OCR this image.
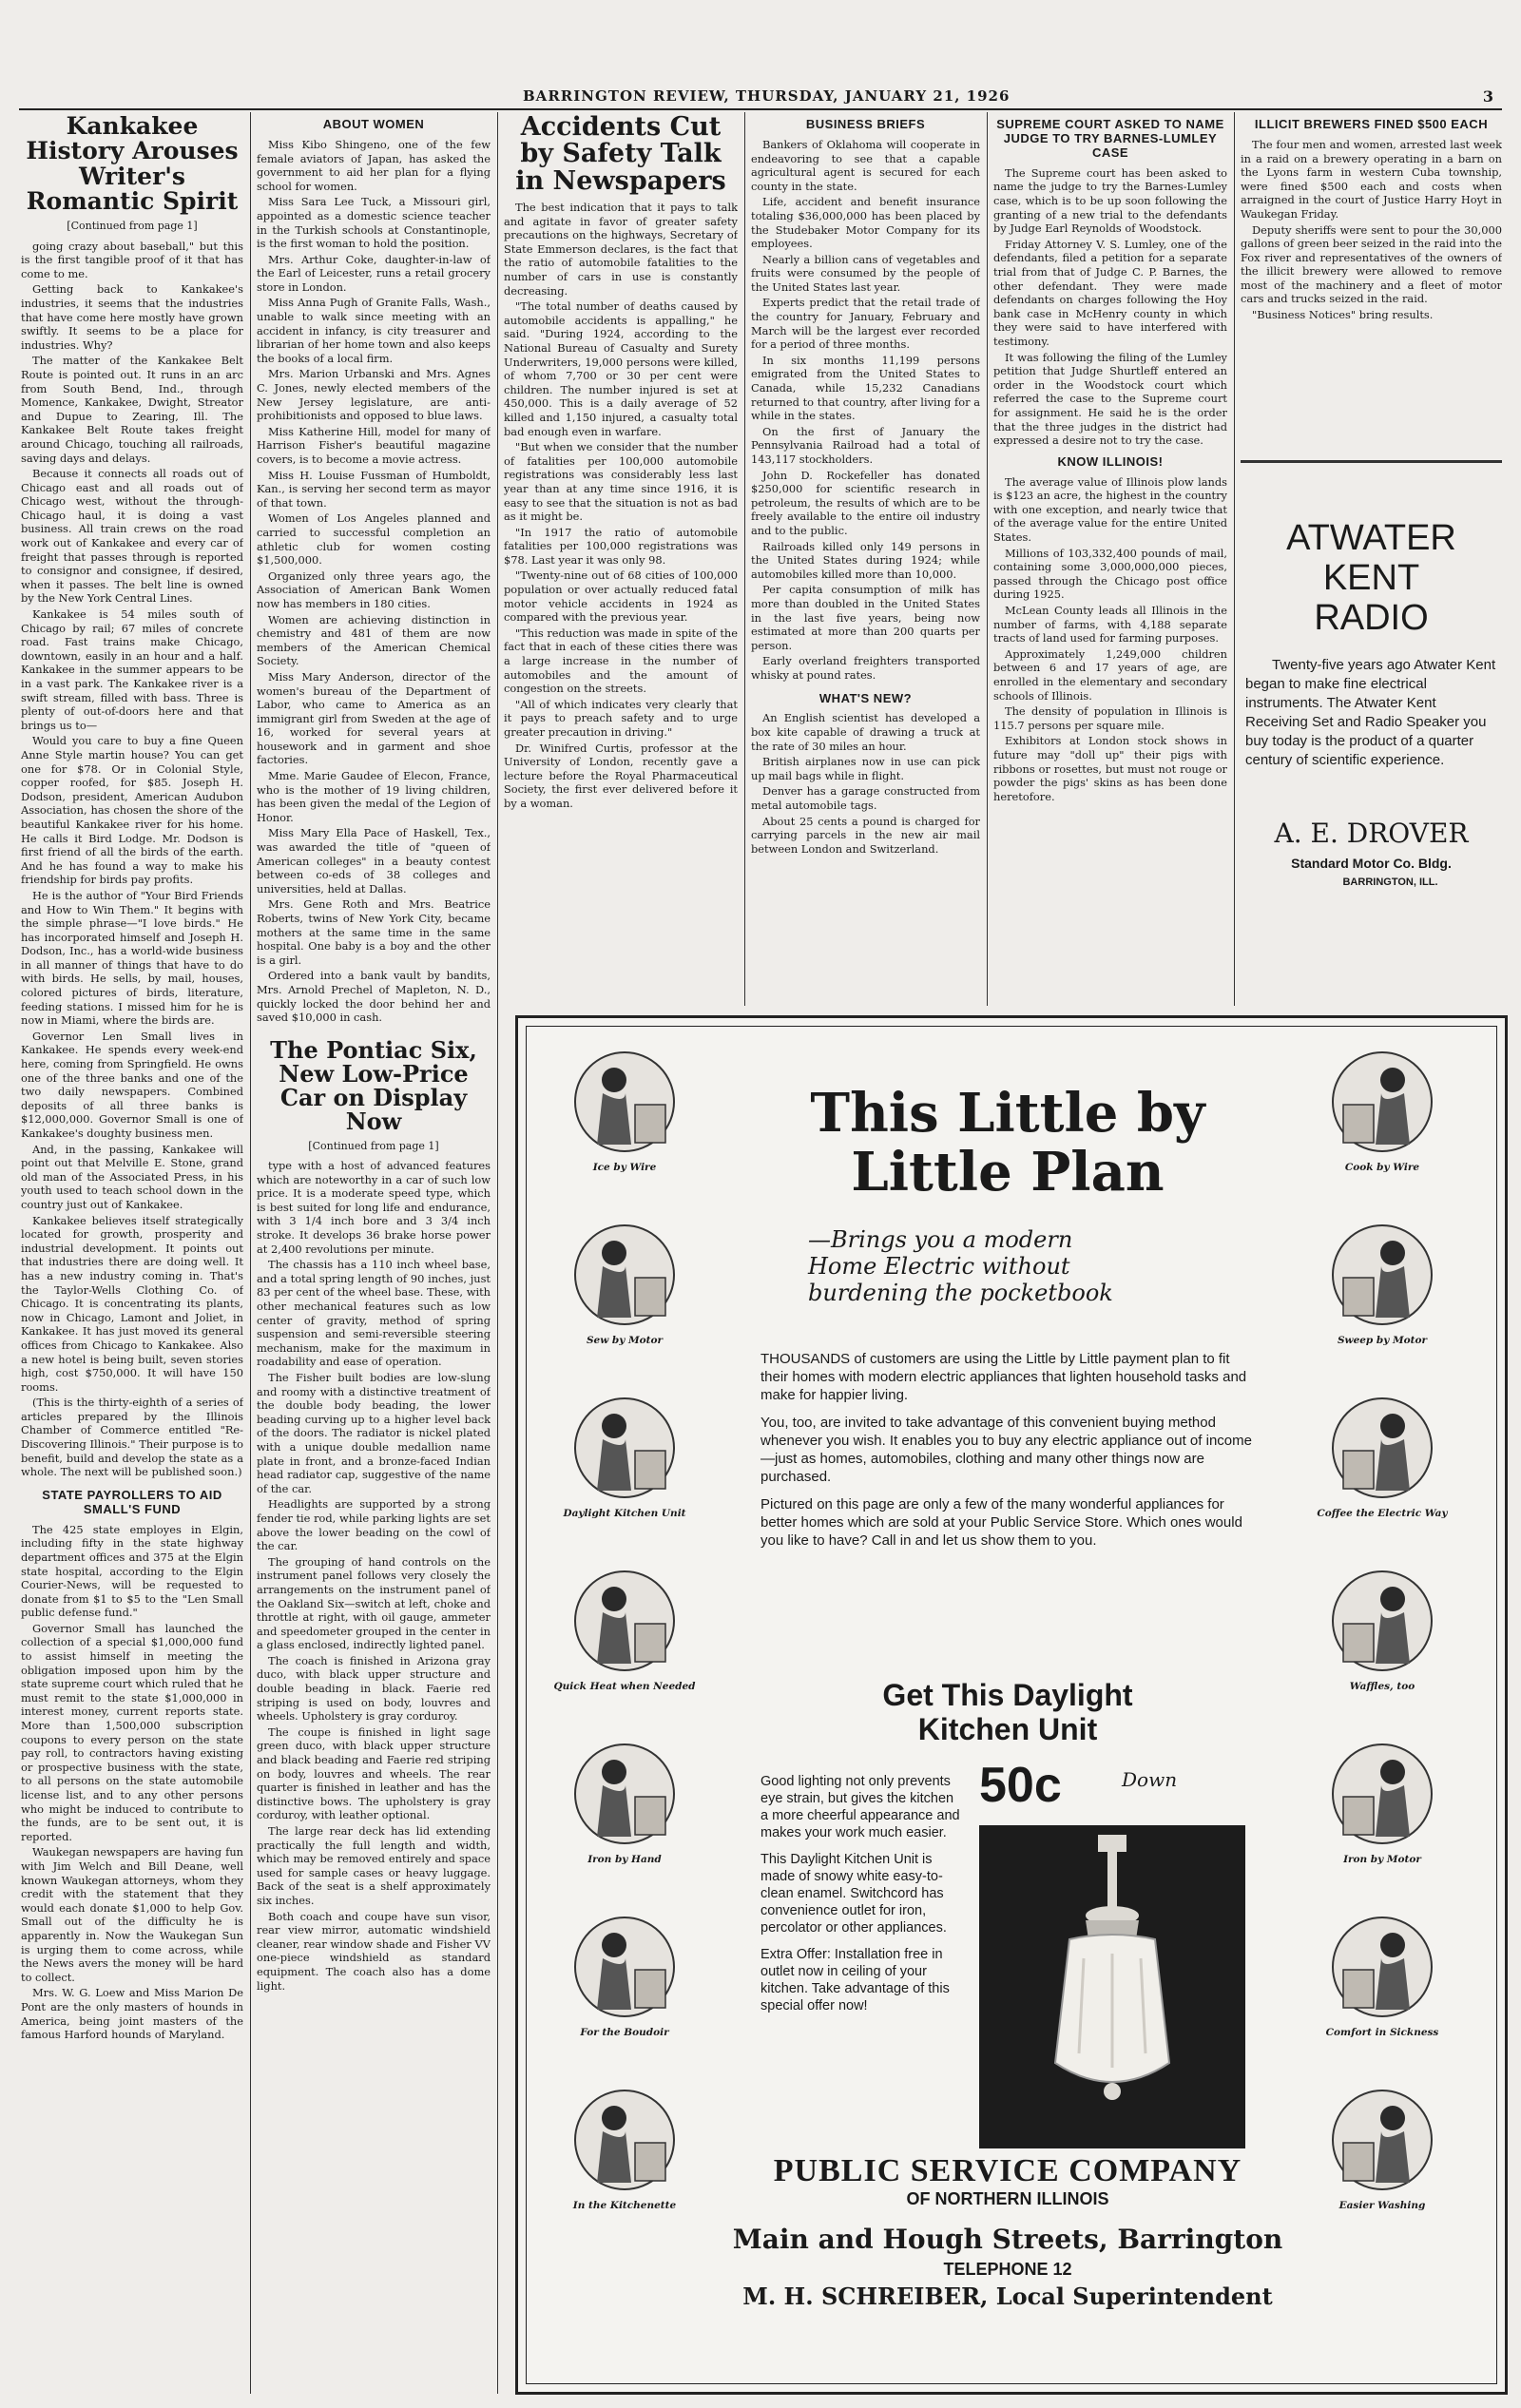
BARRINGTON REVIEW, THURSDAY, JANUARY 21, 1926	3
Kankakee History Arouses Writer's Romantic Spirit
[Continued from page 1]

going crazy about baseball," but this is the first tangible proof of it that has come to me.

Getting back to Kankakee's industries, it seems that the industries that have come here mostly have grown swiftly. It seems to be a place for industries. Why?

The matter of the Kankakee Belt Route is pointed out. It runs in an arc from South Bend, Ind., through Momence, Kankakee, Dwight, Streator and Dupue to Zearing, Ill. The Kankakee Belt Route takes freight around Chicago, touching all railroads, saving days and delays.

Because it connects all roads out of Chicago east and all roads out of Chicago west, without the through-Chicago haul, it is doing a vast business. All train crews on the road work out of Kankakee and every car of freight that passes through is reported to consignor and consignee, if desired, when it passes. The belt line is owned by the New York Central Lines.

Kankakee is 54 miles south of Chicago by rail; 67 miles of concrete road. Fast trains make Chicago, downtown, easily in an hour and a half. Kankakee in the summer appears to be in a vast park. The Kankakee river is a swift stream, filled with bass. Three is plenty of out-of-doors here and that brings us to—

Would you care to buy a fine Queen Anne Style martin house? You can get one for $78. Or in Colonial Style, copper roofed, for $85. Joseph H. Dodson, president, American Audubon Association, has chosen the shore of the beautiful Kankakee river for his home. He calls it Bird Lodge. Mr. Dodson is first friend of all the birds of the earth. And he has found a way to make his friendship for birds pay profits.

He is the author of "Your Bird Friends and How to Win Them." It begins with the simple phrase—"I love birds." He has incorporated himself and Joseph H. Dodson, Inc., has a world-wide business in all manner of things that have to do with birds. He sells, by mail, houses, colored pictures of birds, literature, feeding stations. I missed him for he is now in Miami, where the birds are.

Governor Len Small lives in Kankakee. He spends every week-end here, coming from Springfield. He owns one of the three banks and one of the two daily newspapers. Combined deposits of all three banks is $12,000,000. Governor Small is one of Kankakee's doughty business men.

And, in the passing, Kankakee will point out that Melville E. Stone, grand old man of the Associated Press, in his youth used to teach school down in the country just out of Kankakee.

Kankakee believes itself strategically located for growth, prosperity and industrial development. It points out that industries there are doing well. It has a new industry coming in. That's the Taylor-Wells Clothing Co. of Chicago. It is concentrating its plants, now in Chicago, Lamont and Joliet, in Kankakee. It has just moved its general offices from Chicago to Kankakee. Also a new hotel is being built, seven stories high, cost $750,000. It will have 150 rooms.

(This is the thirty-eighth of a series of articles prepared by the Illinois Chamber of Commerce entitled "Re-Discovering Illinois." Their purpose is to benefit, build and develop the state as a whole. The next will be published soon.)

STATE PAYROLLERS TO AID SMALL'S FUND

The 425 state employes in Elgin, including fifty in the state highway department offices and 375 at the Elgin state hospital, according to the Elgin Courier-News, will be requested to donate from $1 to $5 to the "Len Small public defense fund."

Governor Small has launched the collection of a special $1,000,000 fund to assist himself in meeting the obligation imposed upon him by the state supreme court which ruled that he must remit to the state $1,000,000 in interest money, current reports state. More than 1,500,000 subscription coupons to every person on the state pay roll, to contractors having existing or prospective business with the state, to all persons on the state automobile license list, and to any other persons who might be induced to contribute to the funds, are to be sent out, it is reported.

Waukegan newspapers are having fun with Jim Welch and Bill Deane, well known Waukegan attorneys, whom they credit with the statement that they would each donate $1,000 to help Gov. Small out of the difficulty he is apparently in. Now the Waukegan Sun is urging them to come across, while the News avers the money will be hard to collect.

Mrs. W. G. Loew and Miss Marion De Pont are the only masters of hounds in America, being joint masters of the famous Harford hounds of Maryland.

ABOUT WOMEN

Miss Kibo Shingeno, one of the few female aviators of Japan, has asked the government to aid her plan for a flying school for women.

Miss Sara Lee Tuck, a Missouri girl, appointed as a domestic science teacher in the Turkish schools at Constantinople, is the first woman to hold the position.

Mrs. Arthur Coke, daughter-in-law of the Earl of Leicester, runs a retail grocery store in London.

Miss Anna Pugh of Granite Falls, Wash., unable to walk since meeting with an accident in infancy, is city treasurer and librarian of her home town and also keeps the books of a local firm.

Mrs. Marion Urbanski and Mrs. Agnes C. Jones, newly elected members of the New Jersey legislature, are anti-prohibitionists and opposed to blue laws.

Miss Katherine Hill, model for many of Harrison Fisher's beautiful magazine covers, is to become a movie actress.

Miss H. Louise Fussman of Humboldt, Kan., is serving her second term as mayor of that town.

Women of Los Angeles planned and carried to successful completion an athletic club for women costing $1,500,000.

Organized only three years ago, the Association of American Bank Women now has members in 180 cities.

Women are achieving distinction in chemistry and 481 of them are now members of the American Chemical Society.

Miss Mary Anderson, director of the women's bureau of the Department of Labor, who came to America as an immigrant girl from Sweden at the age of 16, worked for several years at housework and in garment and shoe factories.

Mme. Marie Gaudee of Elecon, France, who is the mother of 19 living children, has been given the medal of the Legion of Honor.

Miss Mary Ella Pace of Haskell, Tex., was awarded the title of "queen of American colleges" in a beauty contest between co-eds of 38 colleges and universities, held at Dallas.

Mrs. Gene Roth and Mrs. Beatrice Roberts, twins of New York City, became mothers at the same time in the same hospital. One baby is a boy and the other is a girl.

Ordered into a bank vault by bandits, Mrs. Arnold Prechel of Mapleton, N. D., quickly locked the door behind her and saved $10,000 in cash.

The Pontiac Six, New Low-Price Car on Display Now
[Continued from page 1]

type with a host of advanced features which are noteworthy in a car of such low price. It is a moderate speed type, which is best suited for long life and endurance, with 3 1/4 inch bore and 3 3/4 inch stroke. It develops 36 brake horse power at 2,400 revolutions per minute.

The chassis has a 110 inch wheel base, and a total spring length of 90 inches, just 83 per cent of the wheel base. These, with other mechanical features such as low center of gravity, method of spring suspension and semi-reversible steering mechanism, make for the maximum in roadability and ease of operation.

The Fisher built bodies are low-slung and roomy with a distinctive treatment of the double body beading, the lower beading curving up to a higher level back of the doors. The radiator is nickel plated with a unique double medallion name plate in front, and a bronze-faced Indian head radiator cap, suggestive of the name of the car.

Headlights are supported by a strong fender tie rod, while parking lights are set above the lower beading on the cowl of the car.

The grouping of hand controls on the instrument panel follows very closely the arrangements on the instrument panel of the Oakland Six—switch at left, choke and throttle at right, with oil gauge, ammeter and speedometer grouped in the center in a glass enclosed, indirectly lighted panel.

The coach is finished in Arizona gray duco, with black upper structure and double beading in black. Faerie red striping is used on body, louvres and wheels. Upholstery is gray corduroy.

The coupe is finished in light sage green duco, with black upper structure and black beading and Faerie red striping on body, louvres and wheels. The rear quarter is finished in leather and has the distinctive bows. The upholstery is gray corduroy, with leather optional.

The large rear deck has lid extending practically the full length and width, which may be removed entirely and space used for sample cases or heavy luggage. Back of the seat is a shelf approximately six inches.

Both coach and coupe have sun visor, rear view mirror, automatic windshield cleaner, rear window shade and Fisher VV one-piece windshield as standard equipment. The coach also has a dome light.

Accidents Cut by Safety Talk in Newspapers

The best indication that it pays to talk and agitate in favor of greater safety precautions on the highways, Secretary of State Emmerson declares, is the fact that the ratio of automobile fatalities to the number of cars in use is constantly decreasing.

"The total number of deaths caused by automobile accidents is appalling," he said. "During 1924, according to the National Bureau of Casualty and Surety Underwriters, 19,000 persons were killed, of whom 7,700 or 30 per cent were children. The number injured is set at 450,000. This is a daily average of 52 killed and 1,150 injured, a casualty total bad enough even in warfare.

"But when we consider that the number of fatalities per 100,000 automobile registrations was considerably less last year than at any time since 1916, it is easy to see that the situation is not as bad as it might be.

"In 1917 the ratio of automobile fatalities per 100,000 registrations was $78. Last year it was only 98.

"Twenty-nine out of 68 cities of 100,000 population or over actually reduced fatal motor vehicle accidents in 1924 as compared with the previous year.

"This reduction was made in spite of the fact that in each of these cities there was a large increase in the number of automobiles and the amount of congestion on the streets.

"All of which indicates very clearly that it pays to preach safety and to urge greater precaution in driving."

Dr. Winifred Curtis, professor at the University of London, recently gave a lecture before the Royal Pharmaceutical Society, the first ever delivered before it by a woman.

BUSINESS BRIEFS

Bankers of Oklahoma will cooperate in endeavoring to see that a capable agricultural agent is secured for each county in the state.

Life, accident and benefit insurance totaling $36,000,000 has been placed by the Studebaker Motor Company for its employees.

Nearly a billion cans of vegetables and fruits were consumed by the people of the United States last year.

Experts predict that the retail trade of the country for January, February and March will be the largest ever recorded for a period of three months.

In six months 11,199 persons emigrated from the United States to Canada, while 15,232 Canadians returned to that country, after living for a while in the states.

On the first of January the Pennsylvania Railroad had a total of 143,117 stockholders.

John D. Rockefeller has donated $250,000 for scientific research in petroleum, the results of which are to be freely available to the entire oil industry and to the public.

Railroads killed only 149 persons in the United States during 1924; while automobiles killed more than 10,000.

Per capita consumption of milk has more than doubled in the United States in the last five years, being now estimated at more than 200 quarts per person.

Early overland freighters transported whisky at pound rates.

WHAT'S NEW?

An English scientist has developed a box kite capable of drawing a truck at the rate of 30 miles an hour.

British airplanes now in use can pick up mail bags while in flight.

Denver has a garage constructed from metal automobile tags.

About 25 cents a pound is charged for carrying parcels in the new air mail between London and Switzerland.

SUPREME COURT ASKED TO NAME JUDGE TO TRY BARNES-LUMLEY CASE

The Supreme court has been asked to name the judge to try the Barnes-Lumley case, which is to be up soon following the granting of a new trial to the defendants by Judge Earl Reynolds of Woodstock.

Friday Attorney V. S. Lumley, one of the defendants, filed a petition for a separate trial from that of Judge C. P. Barnes, the other defendant. They were made defendants on charges following the Hoy bank case in McHenry county in which they were said to have interfered with testimony.

It was following the filing of the Lumley petition that Judge Shurtleff entered an order in the Woodstock court which referred the case to the Supreme court for assignment. He said he is the order that the three judges in the district had expressed a desire not to try the case.

KNOW ILLINOIS!

The average value of Illinois plow lands is $123 an acre, the highest in the country with one exception, and nearly twice that of the average value for the entire United States.

Millions of 103,332,400 pounds of mail, containing some 3,000,000,000 pieces, passed through the Chicago post office during 1925.

McLean County leads all Illinois in the number of farms, with 4,188 separate tracts of land used for farming purposes.

Approximately 1,249,000 children between 6 and 17 years of age, are enrolled in the elementary and secondary schools of Illinois.

The density of population in Illinois is 115.7 persons per square mile.

Exhibitors at London stock shows in future may "doll up" their pigs with ribbons or rosettes, but must not rouge or powder the pigs' skins as has been done heretofore.

ILLICIT BREWERS FINED $500 EACH

The four men and women, arrested last week in a raid on a brewery operating in a barn on the Lyons farm in western Cuba township, were fined $500 each and costs when arraigned in the court of Justice Harry Hoyt in Waukegan Friday.

Deputy sheriffs were sent to pour the 30,000 gallons of green beer seized in the raid into the Fox river and representatives of the owners of the illicit brewery were allowed to remove most of the machinery and a fleet of motor cars and trucks seized in the raid.

"Business Notices" bring results.

ATWATER
KENT
RADIO
Twenty-five years ago Atwater Kent began to make fine electrical instruments. The Atwater Kent Receiving Set and Radio Speaker you buy today is the product of a quarter century of scientific experience.
A. E. DROVER
Standard Motor Co. Bldg.
BARRINGTON, ILL.
Ice by Wire
Sew by Motor
Daylight Kitchen Unit
Quick Heat when Needed
Iron by Hand
For the Boudoir
In the Kitchenette
Cook by Wire
Sweep by Motor
Coffee the Electric Way
Waffles, too
Iron by Motor
Comfort in Sickness
Easier Washing
This Little by Little Plan
—Brings you a modern
Home Electric without
burdening the pocketbook

THOUSANDS of customers are using the Little by Little payment plan to fit their homes with modern electric appliances that lighten household tasks and make for happier living.

You, too, are invited to take advantage of this convenient buying method whenever you wish. It enables you to buy any electric appliance out of income—just as homes, automobiles, clothing and many other things now are purchased.

Pictured on this page are only a few of the many wonderful appliances for better homes which are sold at your Public Service Store. Which ones would you like to have? Call in and let us show them to you.

Get This Daylight
Kitchen Unit

Good lighting not only prevents eye strain, but gives the kitchen a more cheerful appearance and makes your work much easier.

This Daylight Kitchen Unit is made of snowy white easy-to-clean enamel. Switchcord has convenience outlet for iron, percolator or other appliances.

Extra Offer: Installation free in outlet now in ceiling of your kitchen. Take advantage of this special offer now!

50c	Down
PUBLIC SERVICE COMPANY
OF NORTHERN ILLINOIS
Main and Hough Streets, Barrington
TELEPHONE 12
M. H. SCHREIBER, Local Superintendent
